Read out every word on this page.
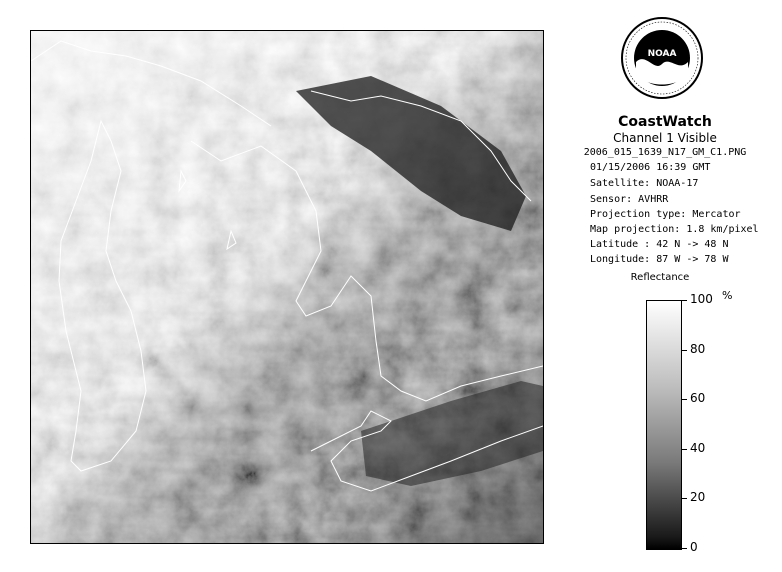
NOAA
CoastWatch
Channel 1 Visible
2006_015_1639_N17_GM_C1.PNG
01/15/2006 16:39 GMT
Satellite: NOAA-17
Sensor: AVHRR
Projection type: Mercator
Map projection: 1.8 km/pixel
Latitude : 42 N -> 48 N
Longitude: 87 W -> 78 W
Reflectance
%
100
80
60
40
20
0
